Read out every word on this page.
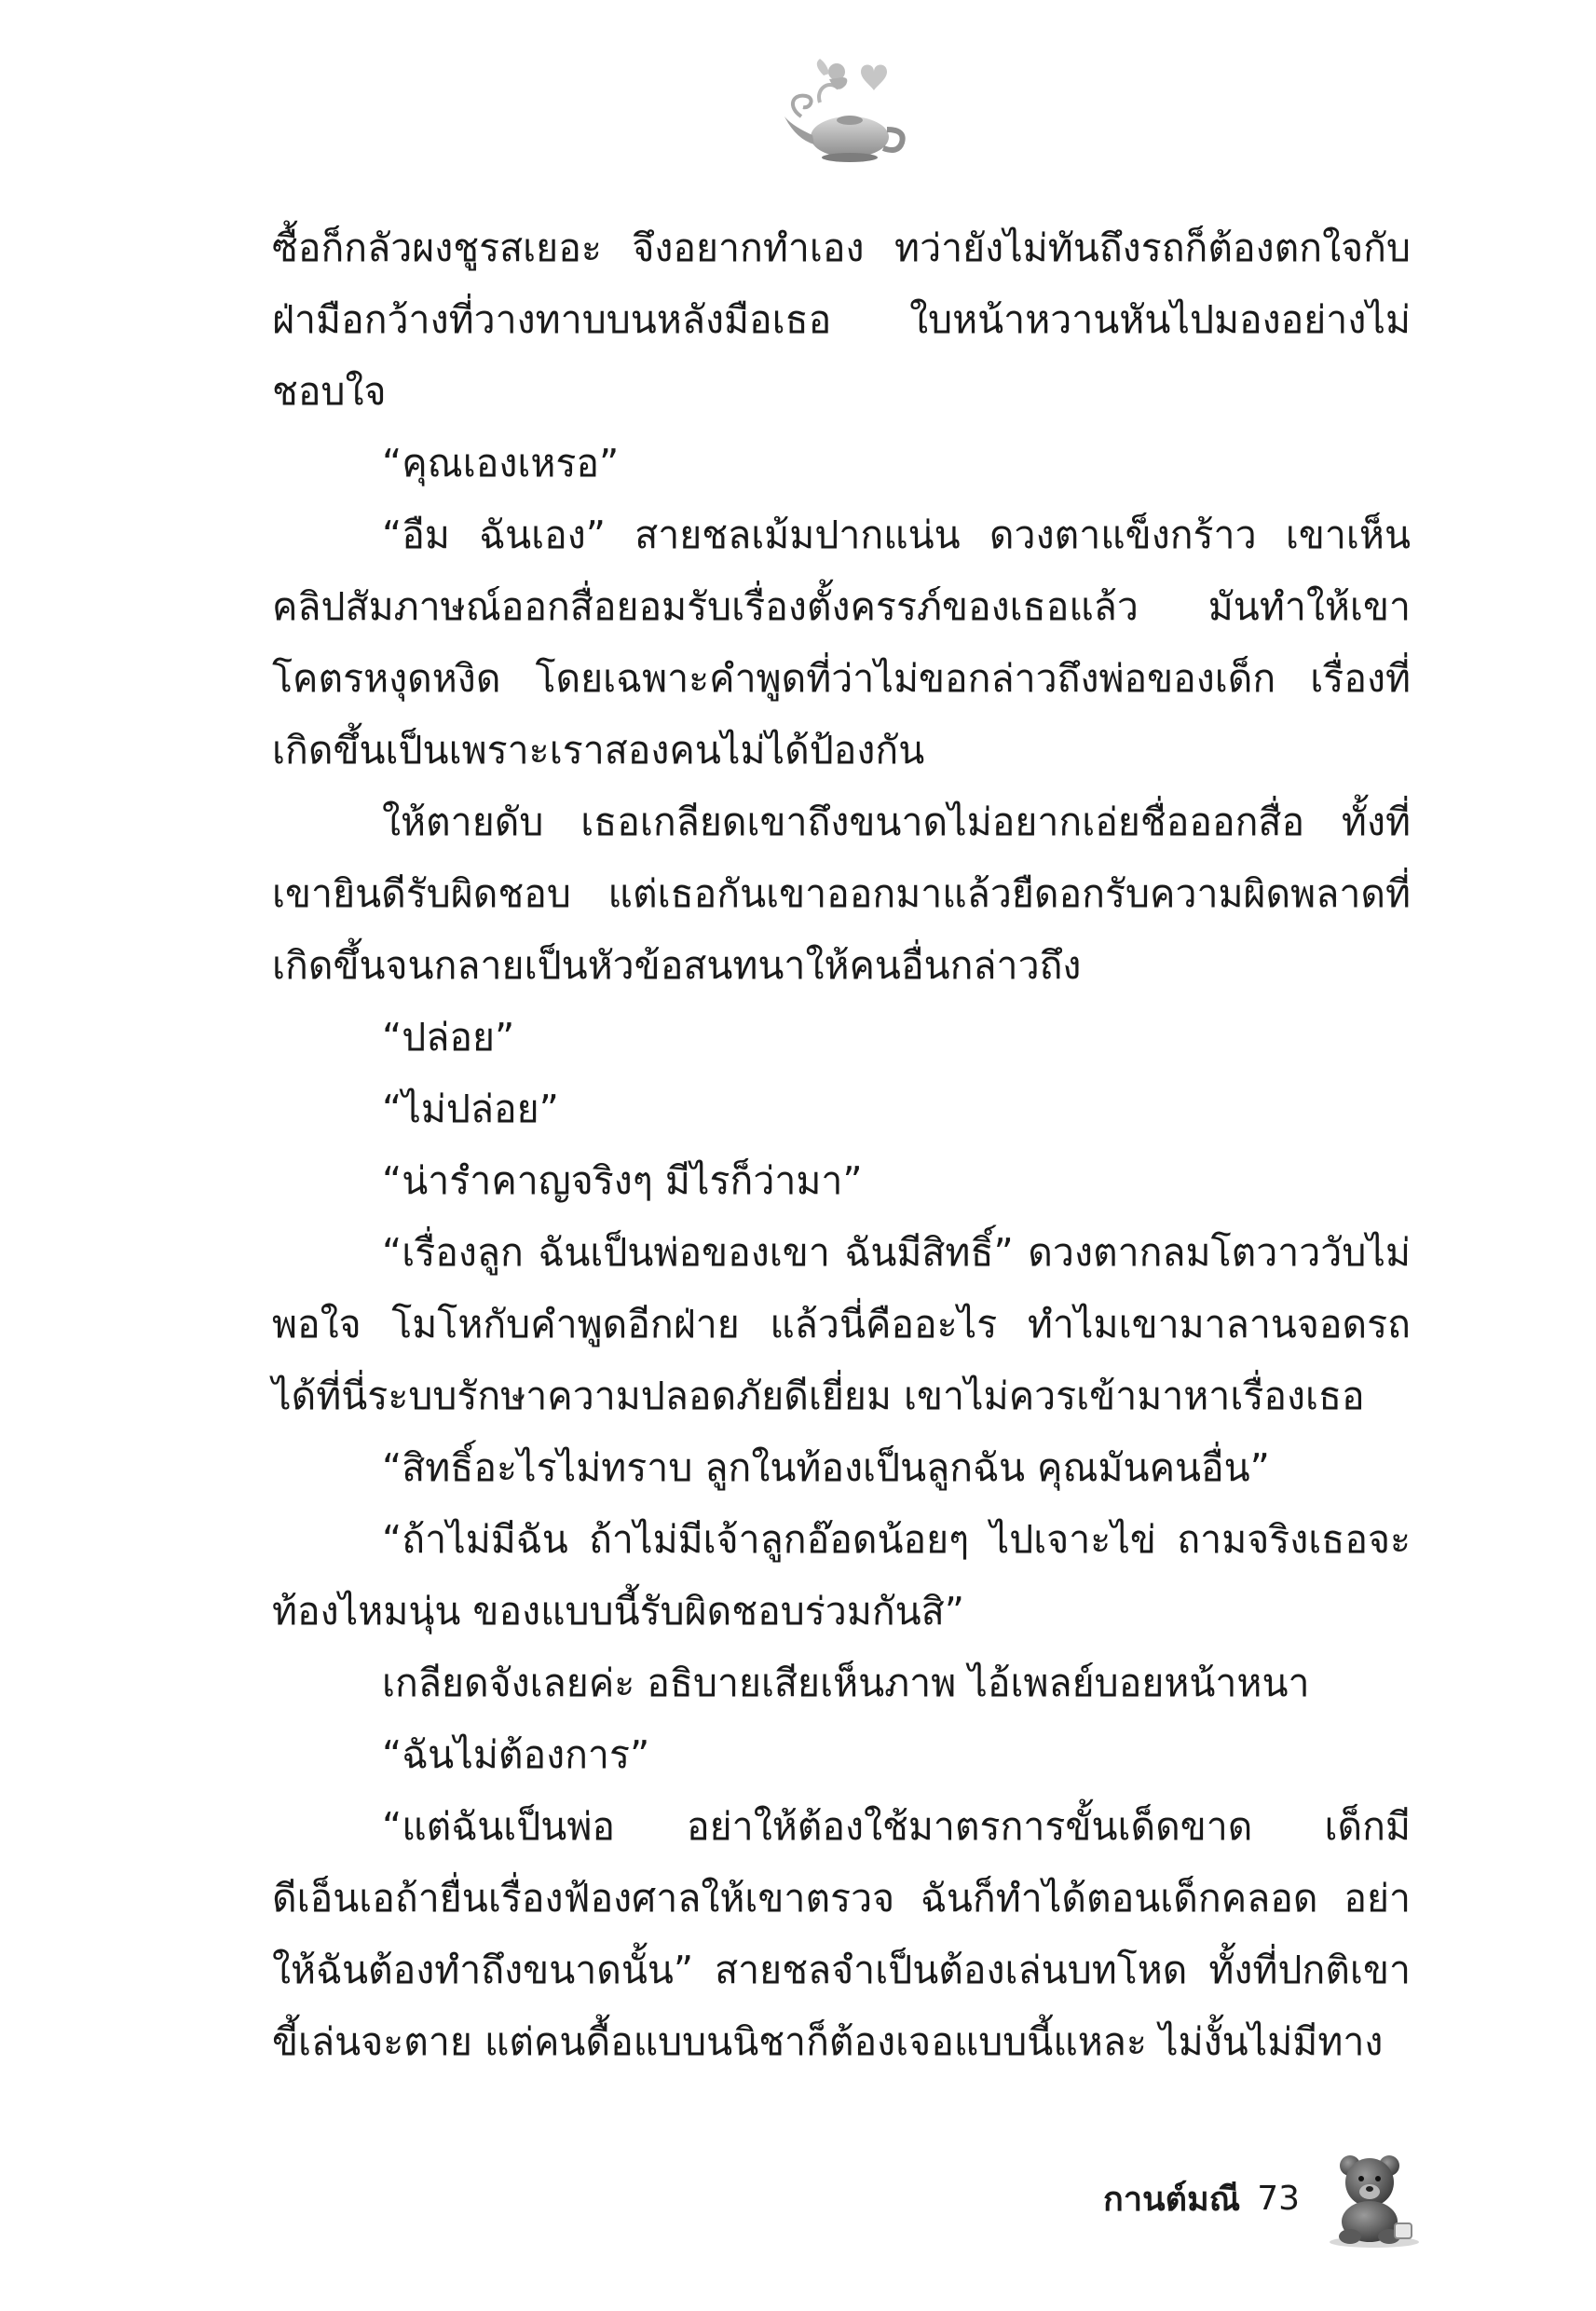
ซื้อก็กลัวผงชูรสเยอะ จึงอยากทำเอง ทว่ายังไม่ทันถึงรถก็ต้องตกใจกับฝ่ามือกว้างที่วางทาบบนหลังมือเธอ ใบหน้าหวานหันไปมองอย่างไม่ชอบใจ

“คุณเองเหรอ”

“อืม ฉันเอง” สายชลเม้มปากแน่น ดวงตาแข็งกร้าว เขาเห็นคลิปสัมภาษณ์ออกสื่อยอมรับเรื่องตั้งครรภ์ของเธอแล้ว มันทำให้เขาโคตรหงุดหงิด โดยเฉพาะคำพูดที่ว่าไม่ขอกล่าวถึงพ่อของเด็ก เรื่องที่เกิดขึ้นเป็นเพราะเราสองคนไม่ได้ป้องกัน

ให้ตายดับ เธอเกลียดเขาถึงขนาดไม่อยากเอ่ยชื่อออกสื่อ ทั้งที่เขายินดีรับผิดชอบ แต่เธอกันเขาออกมาแล้วยืดอกรับความผิดพลาดที่เกิดขึ้นจนกลายเป็นหัวข้อสนทนาให้คนอื่นกล่าวถึง

“ปล่อย”

“ไม่ปล่อย”

“น่ารำคาญจริงๆ มีไรก็ว่ามา”

“เรื่องลูก ฉันเป็นพ่อของเขา ฉันมีสิทธิ์” ดวงตากลมโตวาววับไม่พอใจ โมโหกับคำพูดอีกฝ่าย แล้วนี่คืออะไร ทำไมเขามาลานจอดรถได้ที่นี่ระบบรักษาความปลอดภัยดีเยี่ยม เขาไม่ควรเข้ามาหาเรื่องเธอ

“สิทธิ์อะไรไม่ทราบ ลูกในท้องเป็นลูกฉัน คุณมันคนอื่น”

“ถ้าไม่มีฉัน ถ้าไม่มีเจ้าลูกอ๊อดน้อยๆ ไปเจาะไข่ ถามจริงเธอจะท้องไหมนุ่น ของแบบนี้รับผิดชอบร่วมกันสิ”

เกลียดจังเลยค่ะ อธิบายเสียเห็นภาพ ไอ้เพลย์บอยหน้าหนา

“ฉันไม่ต้องการ”

“แต่ฉันเป็นพ่อ อย่าให้ต้องใช้มาตรการขั้นเด็ดขาด เด็กมีดีเอ็นเอถ้ายื่นเรื่องฟ้องศาลให้เขาตรวจ ฉันก็ทำได้ตอนเด็กคลอด อย่าให้ฉันต้องทำถึงขนาดนั้น” สายชลจำเป็นต้องเล่นบทโหด ทั้งที่ปกติเขาขี้เล่นจะตาย แต่คนดื้อแบบนนิชาก็ต้องเจอแบบนี้แหละ ไม่งั้นไม่มีทาง

กานต์มณี 73
